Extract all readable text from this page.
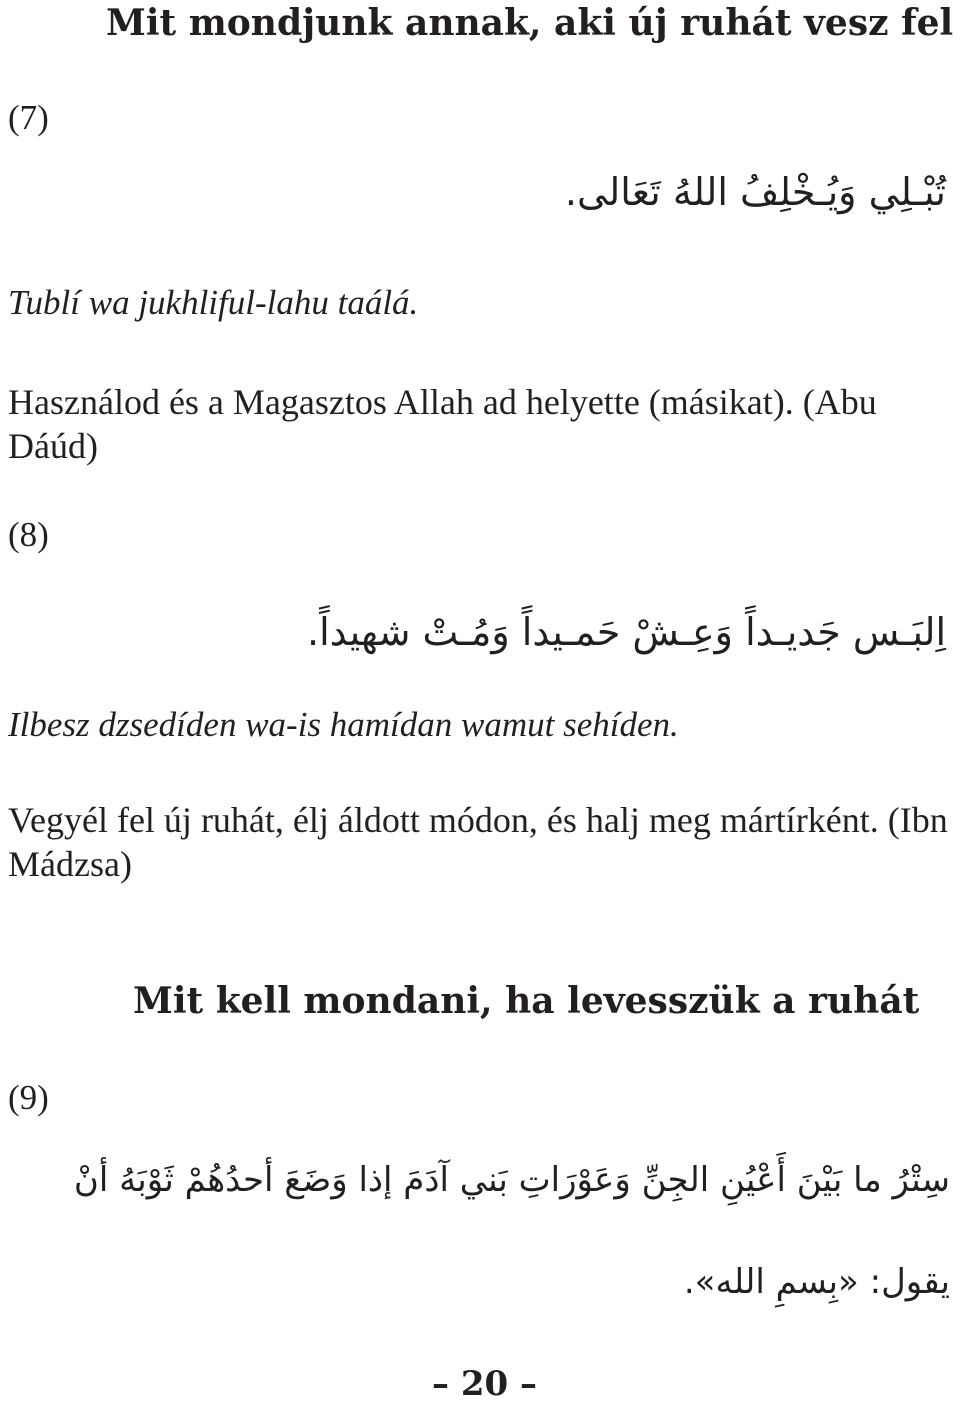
Mit mondjunk annak, aki új ruhát vesz fel
(7)
تُبْـلِي وَيُـخْلِفُ اللهُ تَعَالى.
Tublí wa jukhliful-lahu taálá.
Használod és a Magasztos Allah ad helyette (másikat). (Abu Dáúd)
(8)
اِلبَـس جَديـداً وَعِـشْ حَمـيداً وَمُـتْ شهيداً.
Ilbesz dzsedíden wa-is hamídan wamut sehíden.
Vegyél fel új ruhát, élj áldott módon, és halj meg mártírként. (Ibn Mádzsa)
Mit kell mondani, ha levesszük a ruhát
(9)
سِتْرُ ما بَيْنَ أَعْيُنِ الجِنِّ وَعَوْرَاتِ بَني آدَمَ إذا وَضَعَ أحدُهُمْ ثَوْبَهُ أنْ
يقول: «بِسمِ الله».
– 20 –
